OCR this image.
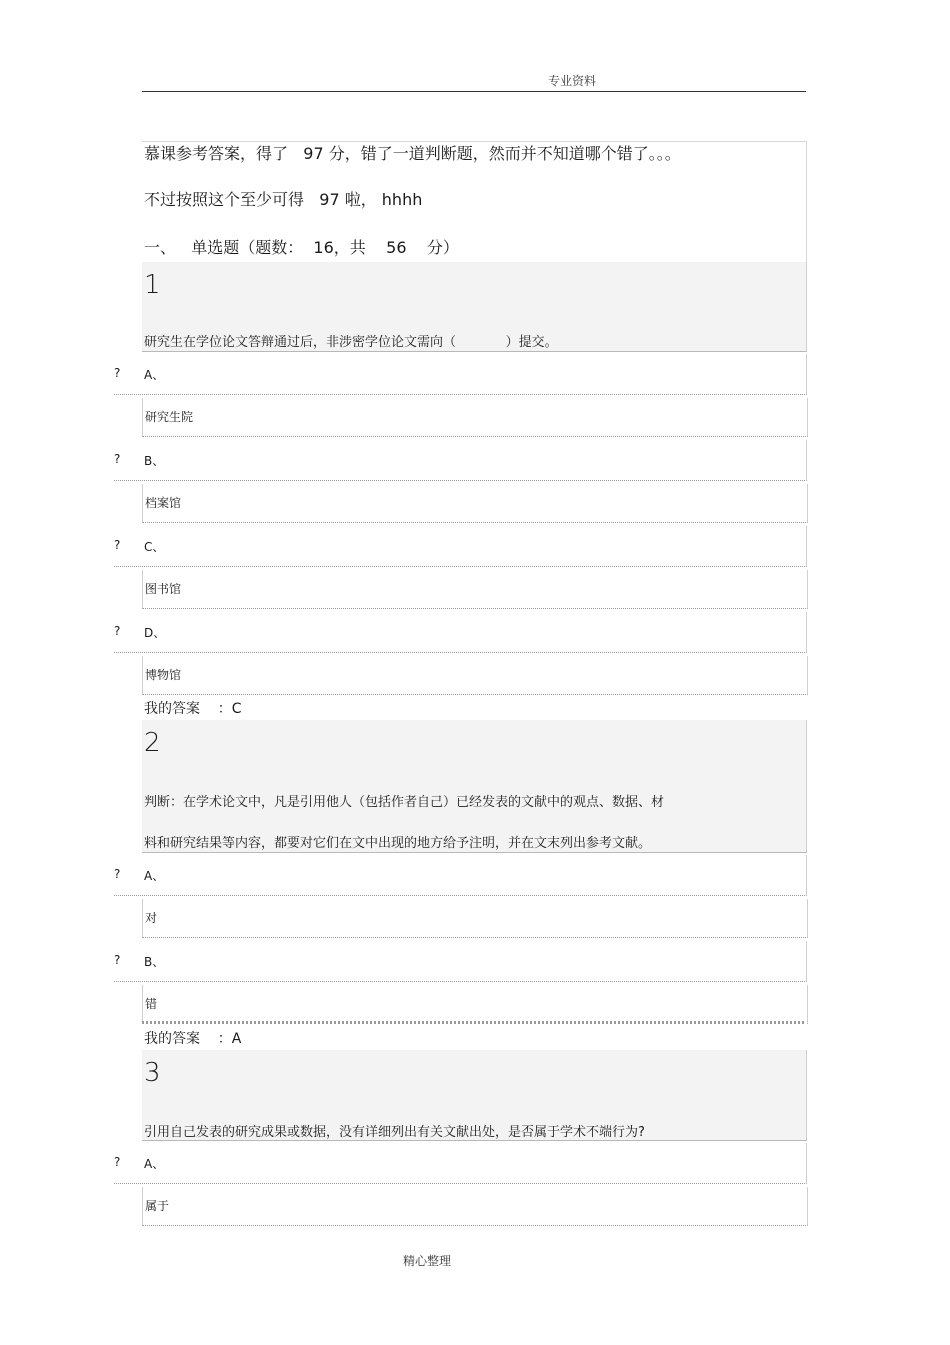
专业资料
慕课参考答案，得了   97 分，错了一道判断题，然而并不知道哪个错了。。。
不过按照这个至少可得   97 啦， hhhh
一、   单选题（题数：  16，共    56    分）
1
研究生在学位论文答辩通过后，非涉密学位论文需向（            ）提交。
? A、
研究生院
? B、
档案馆
? C、
图书馆
? D、
博物馆
我的答案    ：C
2
判断：在学术论文中，凡是引用他人（包括作者自己）已经发表的文献中的观点、数据、材
料和研究结果等内容，都要对它们在文中出现的地方给予注明，并在文末列出参考文献。
? A、
对
? B、
错
我的答案    ：A
3
引用自己发表的研究成果或数据，没有详细列出有关文献出处，是否属于学术不端行为?
? A、
属于
精心整理
